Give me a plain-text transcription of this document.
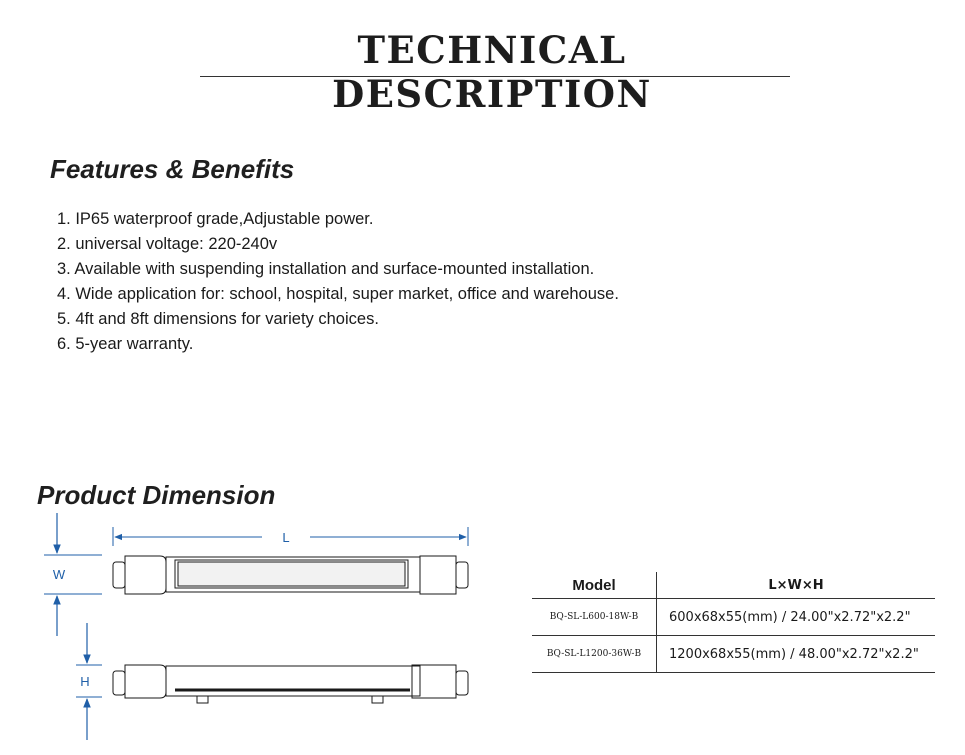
TECHNICAL DESCRIPTION
Features & Benefits
1. IP65 waterproof grade,Adjustable power.
2. universal voltage: 220-240v
3. Available with suspending installation and surface-mounted installation.
4. Wide application for: school, hospital, super market, office and warehouse.
5. 4ft and 8ft dimensions for variety choices.
6. 5-year warranty.
Product Dimension
L
W
H
Model	L×W×H
BQ-SL-L600-18W-B	600x68x55(mm) / 24.00"x2.72"x2.2"
BQ-SL-L1200-36W-B	1200x68x55(mm) / 48.00"x2.72"x2.2"
